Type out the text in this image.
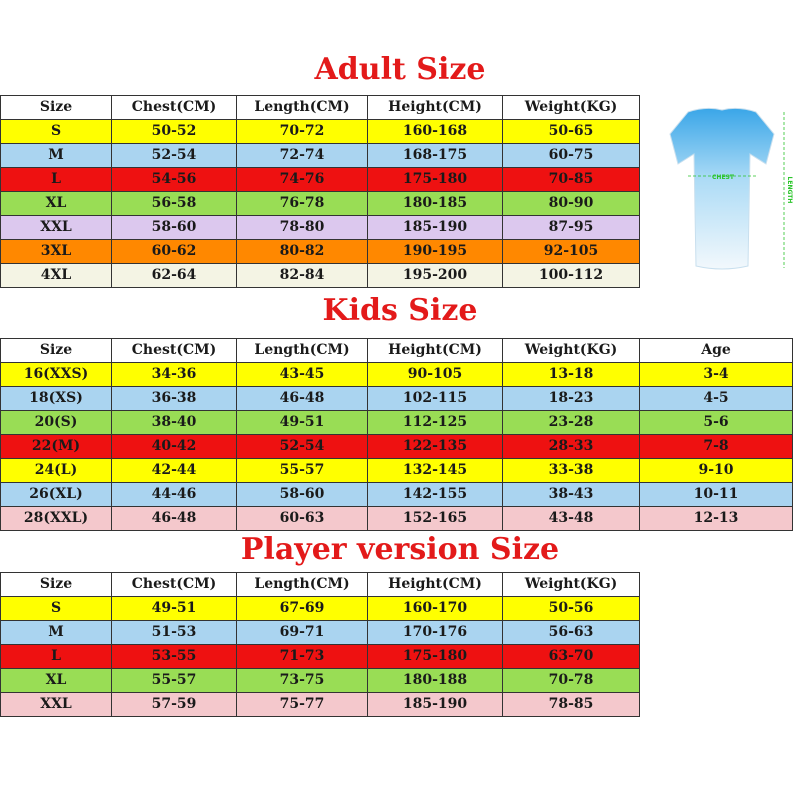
Adult Size
Size	Chest(CM)	Length(CM)	Height(CM)	Weight(KG)
S	50-52	70-72	160-168	50-65
M	52-54	72-74	168-175	60-75
L	54-56	74-76	175-180	70-85
XL	56-58	76-78	180-185	80-90
XXL	58-60	78-80	185-190	87-95
3XL	60-62	80-82	190-195	92-105
4XL	62-64	82-84	195-200	100-112
CHEST	LENGTH
Kids Size
Size	Chest(CM)	Length(CM)	Height(CM)	Weight(KG)	Age
16(XXS)	34-36	43-45	90-105	13-18	3-4
18(XS)	36-38	46-48	102-115	18-23	4-5
20(S)	38-40	49-51	112-125	23-28	5-6
22(M)	40-42	52-54	122-135	28-33	7-8
24(L)	42-44	55-57	132-145	33-38	9-10
26(XL)	44-46	58-60	142-155	38-43	10-11
28(XXL)	46-48	60-63	152-165	43-48	12-13
Player version Size
Size	Chest(CM)	Length(CM)	Height(CM)	Weight(KG)
S	49-51	67-69	160-170	50-56
M	51-53	69-71	170-176	56-63
L	53-55	71-73	175-180	63-70
XL	55-57	73-75	180-188	70-78
XXL	57-59	75-77	185-190	78-85
